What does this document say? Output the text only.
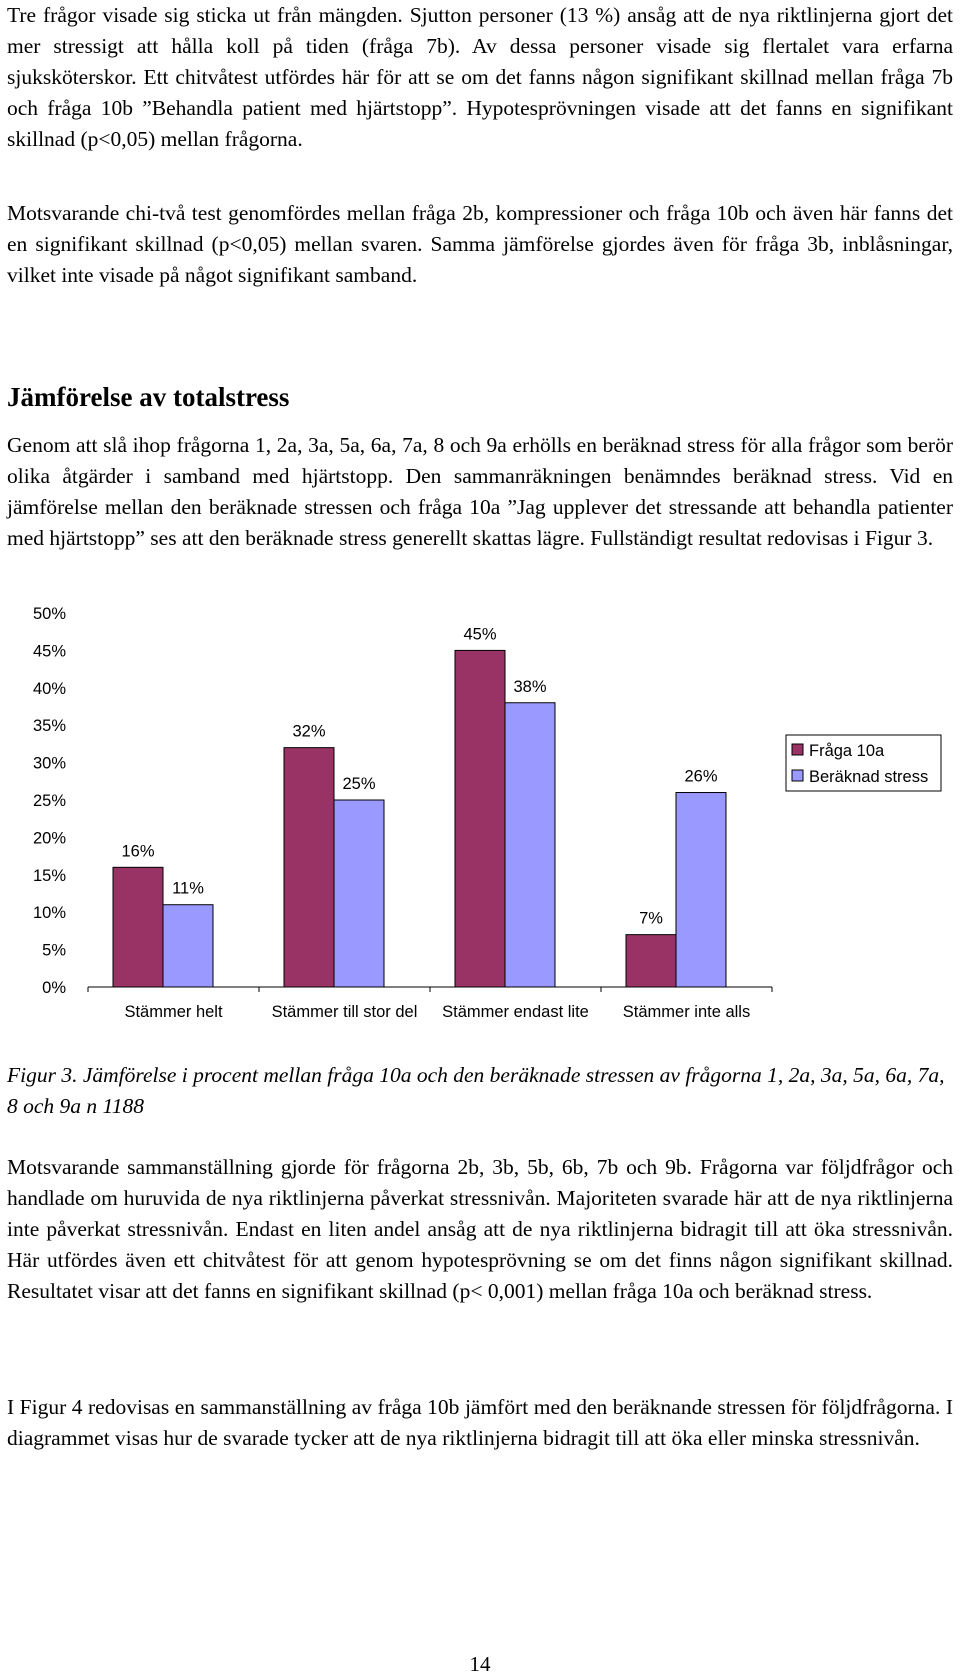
Tre frågor visade sig sticka ut från mängden. Sjutton personer (13 %) ansåg att de nya riktlinjerna gjort det mer stressigt att hålla koll på tiden (fråga 7b). Av dessa personer visade sig flertalet vara erfarna sjuksköterskor. Ett chitvåtest utfördes här för att se om det fanns någon signifikant skillnad mellan fråga 7b och fråga 10b ”Behandla patient med hjärtstopp”. Hypotesprövningen visade att det fanns en signifikant skillnad (p<0,05) mellan frågorna.

Motsvarande chi-två test genomfördes mellan fråga 2b, kompressioner och fråga 10b och även här fanns det en signifikant skillnad (p<0,05) mellan svaren. Samma jämförelse gjordes även för fråga 3b, inblåsningar, vilket inte visade på något signifikant samband.

Jämförelse av totalstress

Genom att slå ihop frågorna 1, 2a, 3a, 5a, 6a, 7a, 8 och 9a erhölls en beräknad stress för alla frågor som berör olika åtgärder i samband med hjärtstopp. Den sammanräkningen benämndes beräknad stress. Vid en jämförelse mellan den beräknade stressen och fråga 10a ”Jag upplever det stressande att behandla patienter med hjärtstopp” ses att den beräknade stress generellt skattas lägre. Fullständigt resultat redovisas i Figur 3.

0%
5%
10%
15%
20%
25%
30%
35%
40%
45%
50%
Stämmer helt	Stämmer till stor del Stämmer endast lite Stämmer inte alls
16%
32%
45%
7%
11%
25%
38%
26%
Fråga 10a
Beräknad stress

Figur 3. Jämförelse i procent mellan fråga 10a och den beräknade stressen av frågorna 1, 2a, 3a, 5a, 6a, 7a, 8 och 9a n 1188

Motsvarande sammanställning gjorde för frågorna 2b, 3b, 5b, 6b, 7b och 9b. Frågorna var följdfrågor och handlade om huruvida de nya riktlinjerna påverkat stressnivån. Majoriteten svarade här att de nya riktlinjerna inte påverkat stressnivån. Endast en liten andel ansåg att de nya riktlinjerna bidragit till att öka stressnivån. Här utfördes även ett chitvåtest för att genom hypotesprövning se om det finns någon signifikant skillnad. Resultatet visar att det fanns en signifikant skillnad (p< 0,001) mellan fråga 10a och beräknad stress.

I Figur 4 redovisas en sammanställning av fråga 10b jämfört med den beräknande stressen för följdfrågorna. I diagrammet visas hur de svarade tycker att de nya riktlinjerna bidragit till att öka eller minska stressnivån.

14
